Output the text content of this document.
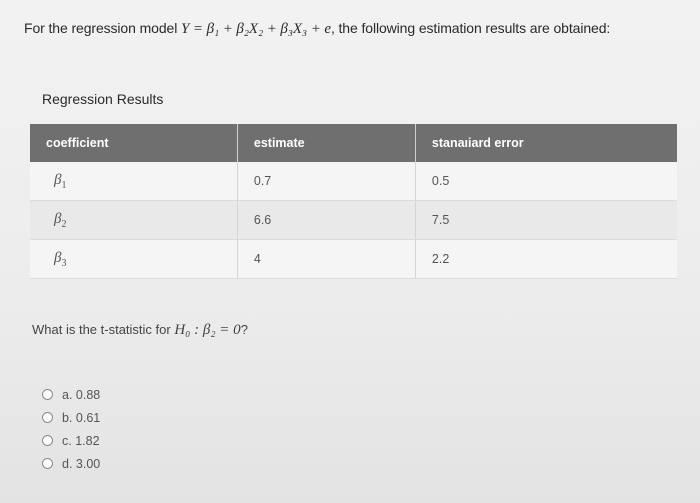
For the regression model Y = β₁ + β₂X₂ + β₃X₃ + e, the following estimation results are obtained:
Regression Results
coefficient	estimate	stanaıiard error
$\beta_1$	0.7	0.5
$\beta_2$	6.6	7.5
$\beta_3$	4	2.2
What is the t-statistic for H₀ : β₂ = 0?
a. 0.88
b. 0.61
c. 1.82
d. 3.00
